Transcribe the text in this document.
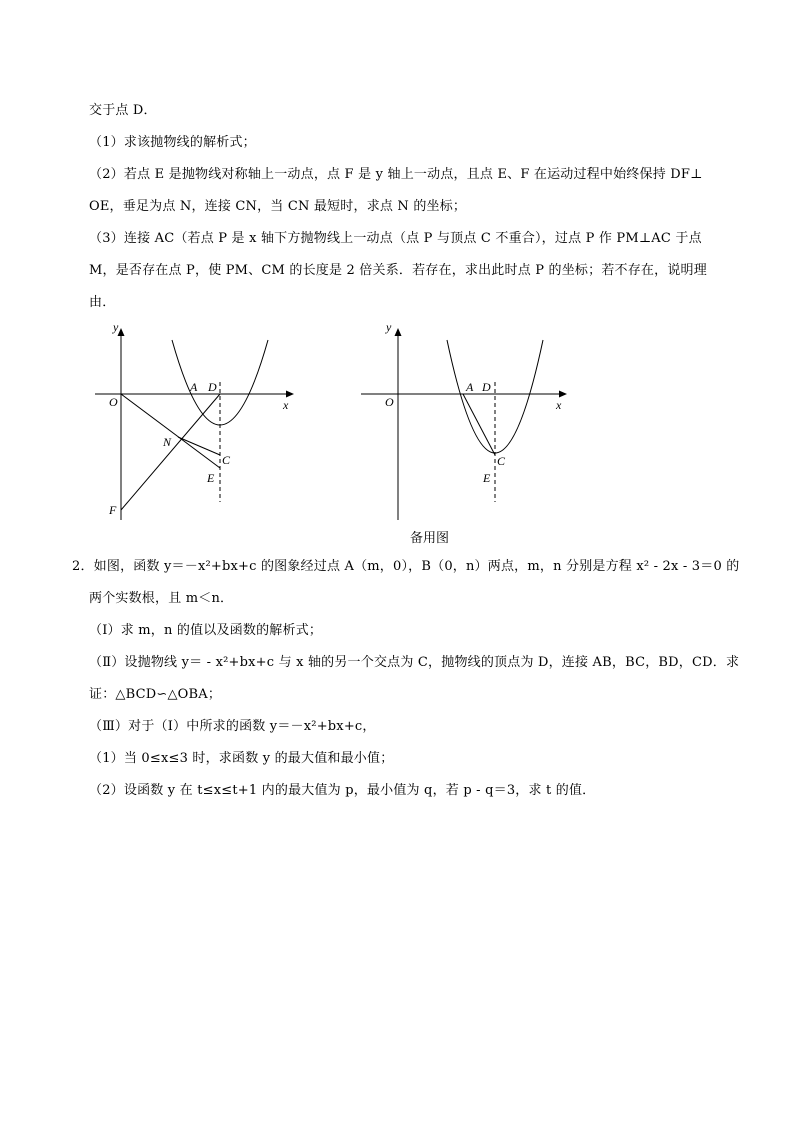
交于点 D．
（1）求该抛物线的解析式；
（2）若点 E 是抛物线对称轴上一动点，点 F 是 y 轴上一动点，且点 E、F 在运动过程中始终保持 DF⊥
OE，垂足为点 N，连接 CN，当 CN 最短时，求点 N 的坐标；
（3）连接 AC（若点 P 是 x 轴下方抛物线上一动点（点 P 与顶点 C 不重合），过点 P 作 PM⊥AC 于点
M，是否存在点 P，使 PM、CM 的长度是 2 倍关系．若存在，求出此时点 P 的坐标；若不存在，说明理
由．
y
x
O
A D
N
C
E
F
y
x
O
A D
C
E
备用图
2．如图，函数 y＝－x²+bx+c 的图象经过点 A（m，0），B（0，n）两点，m，n 分别是方程 x² - 2x - 3＝0 的
两个实数根，且 m＜n．
（Ⅰ）求 m，n 的值以及函数的解析式；
（Ⅱ）设抛物线 y＝ - x²+bx+c 与 x 轴的另一个交点为 C，抛物线的顶点为 D，连接 AB，BC，BD，CD．求
证：△BCD∽△OBA；
（Ⅲ）对于（Ⅰ）中所求的函数 y＝－x²+bx+c，
（1）当 0≤x≤3 时，求函数 y 的最大值和最小值；
（2）设函数 y 在 t≤x≤t+1 内的最大值为 p，最小值为 q，若 p - q＝3，求 t 的值．
